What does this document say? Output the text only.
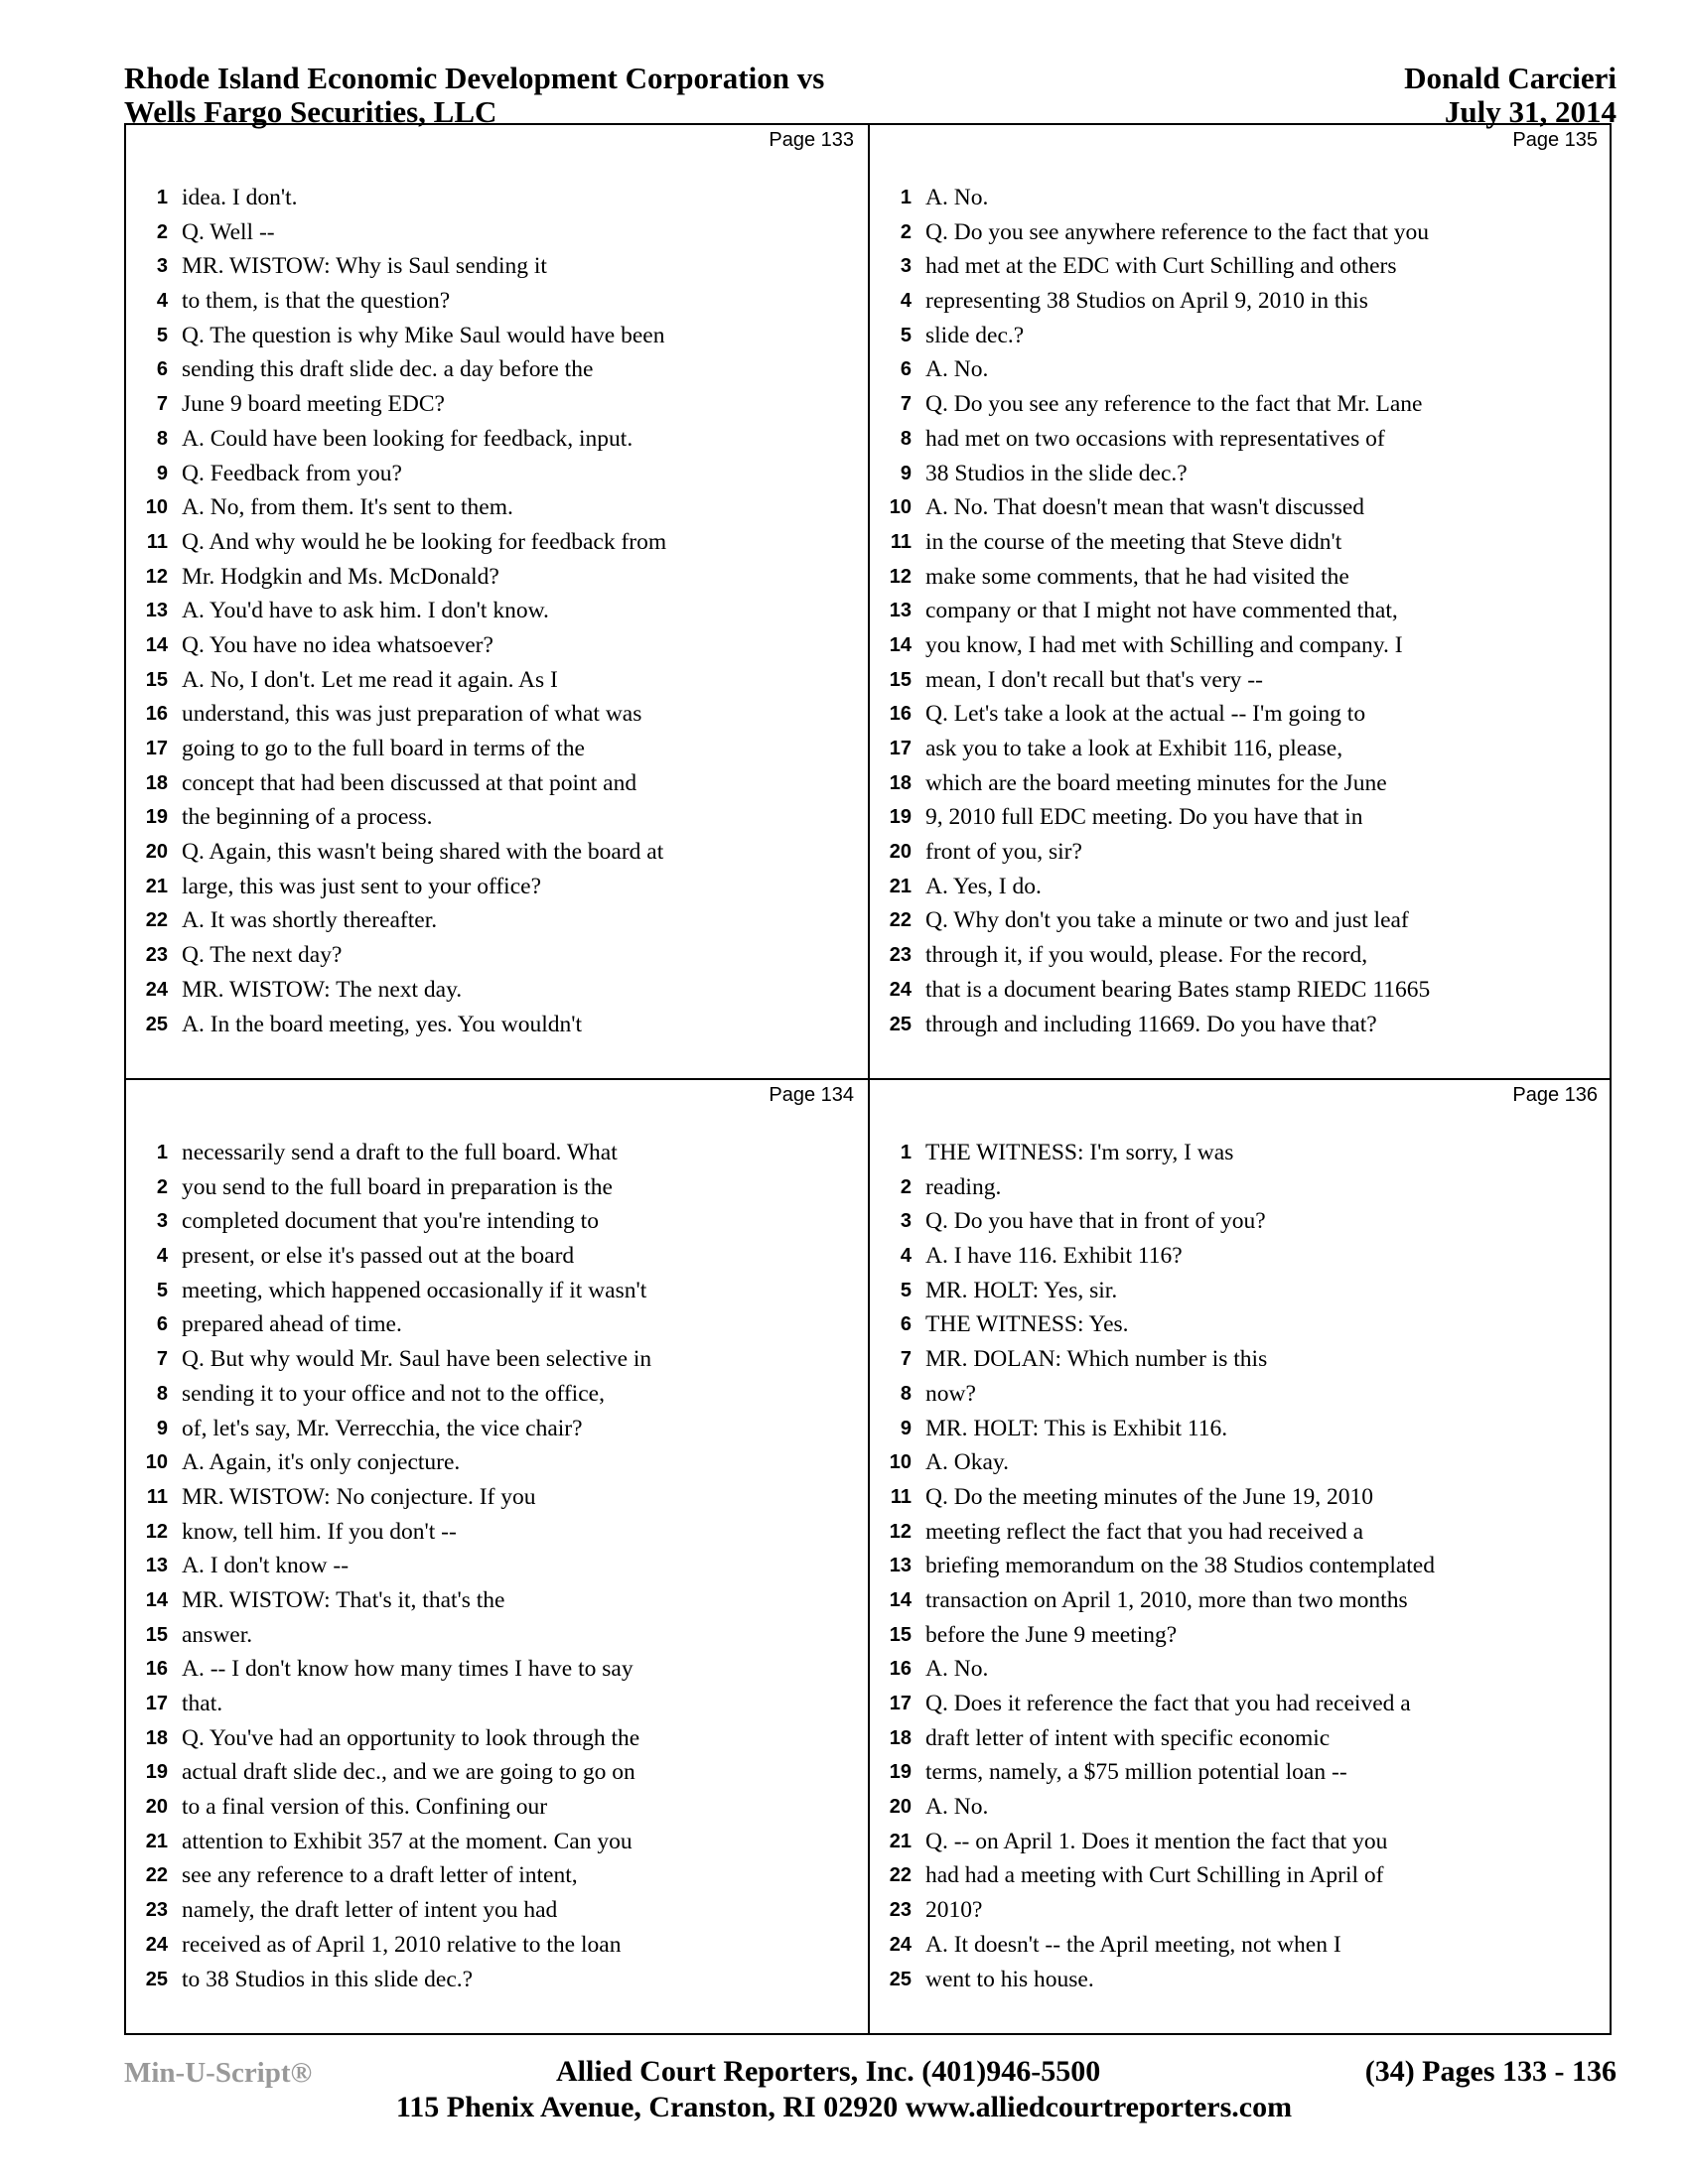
Rhode Island Economic Development Corporation vs
Wells Fargo Securities, LLC
Donald Carcieri
July 31, 2014
Page 133
1 idea. I don't.
2 Q. Well --
3 MR. WISTOW: Why is Saul sending it
4 to them, is that the question?
5 Q. The question is why Mike Saul would have been
6 sending this draft slide dec. a day before the
7 June 9 board meeting EDC?
8 A. Could have been looking for feedback, input.
9 Q. Feedback from you?
10 A. No, from them. It's sent to them.
11 Q. And why would he be looking for feedback from
12 Mr. Hodgkin and Ms. McDonald?
13 A. You'd have to ask him. I don't know.
14 Q. You have no idea whatsoever?
15 A. No, I don't. Let me read it again. As I
16 understand, this was just preparation of what was
17 going to go to the full board in terms of the
18 concept that had been discussed at that point and
19 the beginning of a process.
20 Q. Again, this wasn't being shared with the board at
21 large, this was just sent to your office?
22 A. It was shortly thereafter.
23 Q. The next day?
24 MR. WISTOW: The next day.
25 A. In the board meeting, yes. You wouldn't
Page 135
1 A. No.
2 Q. Do you see anywhere reference to the fact that you
3 had met at the EDC with Curt Schilling and others
4 representing 38 Studios on April 9, 2010 in this
5 slide dec.?
6 A. No.
7 Q. Do you see any reference to the fact that Mr. Lane
8 had met on two occasions with representatives of
9 38 Studios in the slide dec.?
10 A. No. That doesn't mean that wasn't discussed
11 in the course of the meeting that Steve didn't
12 make some comments, that he had visited the
13 company or that I might not have commented that,
14 you know, I had met with Schilling and company. I
15 mean, I don't recall but that's very --
16 Q. Let's take a look at the actual -- I'm going to
17 ask you to take a look at Exhibit 116, please,
18 which are the board meeting minutes for the June
19 9, 2010 full EDC meeting. Do you have that in
20 front of you, sir?
21 A. Yes, I do.
22 Q. Why don't you take a minute or two and just leaf
23 through it, if you would, please. For the record,
24 that is a document bearing Bates stamp RIEDC 11665
25 through and including 11669. Do you have that?
Page 134
1 necessarily send a draft to the full board. What
2 you send to the full board in preparation is the
3 completed document that you're intending to
4 present, or else it's passed out at the board
5 meeting, which happened occasionally if it wasn't
6 prepared ahead of time.
7 Q. But why would Mr. Saul have been selective in
8 sending it to your office and not to the office,
9 of, let's say, Mr. Verrecchia, the vice chair?
10 A. Again, it's only conjecture.
11 MR. WISTOW: No conjecture. If you
12 know, tell him. If you don't --
13 A. I don't know --
14 MR. WISTOW: That's it, that's the
15 answer.
16 A. -- I don't know how many times I have to say
17 that.
18 Q. You've had an opportunity to look through the
19 actual draft slide dec., and we are going to go on
20 to a final version of this. Confining our
21 attention to Exhibit 357 at the moment. Can you
22 see any reference to a draft letter of intent,
23 namely, the draft letter of intent you had
24 received as of April 1, 2010 relative to the loan
25 to 38 Studios in this slide dec.?
Page 136
1 THE WITNESS: I'm sorry, I was
2 reading.
3 Q. Do you have that in front of you?
4 A. I have 116. Exhibit 116?
5 MR. HOLT: Yes, sir.
6 THE WITNESS: Yes.
7 MR. DOLAN: Which number is this
8 now?
9 MR. HOLT: This is Exhibit 116.
10 A. Okay.
11 Q. Do the meeting minutes of the June 19, 2010
12 meeting reflect the fact that you had received a
13 briefing memorandum on the 38 Studios contemplated
14 transaction on April 1, 2010, more than two months
15 before the June 9 meeting?
16 A. No.
17 Q. Does it reference the fact that you had received a
18 draft letter of intent with specific economic
19 terms, namely, a $75 million potential loan --
20 A. No.
21 Q. -- on April 1. Does it mention the fact that you
22 had had a meeting with Curt Schilling in April of
23 2010?
24 A. It doesn't -- the April meeting, not when I
25 went to his house.
Min-U-Script®	Allied Court Reporters, Inc. (401)946-5500	(34) Pages 133 - 136
115 Phenix Avenue, Cranston, RI 02920 www.alliedcourtreporters.com
